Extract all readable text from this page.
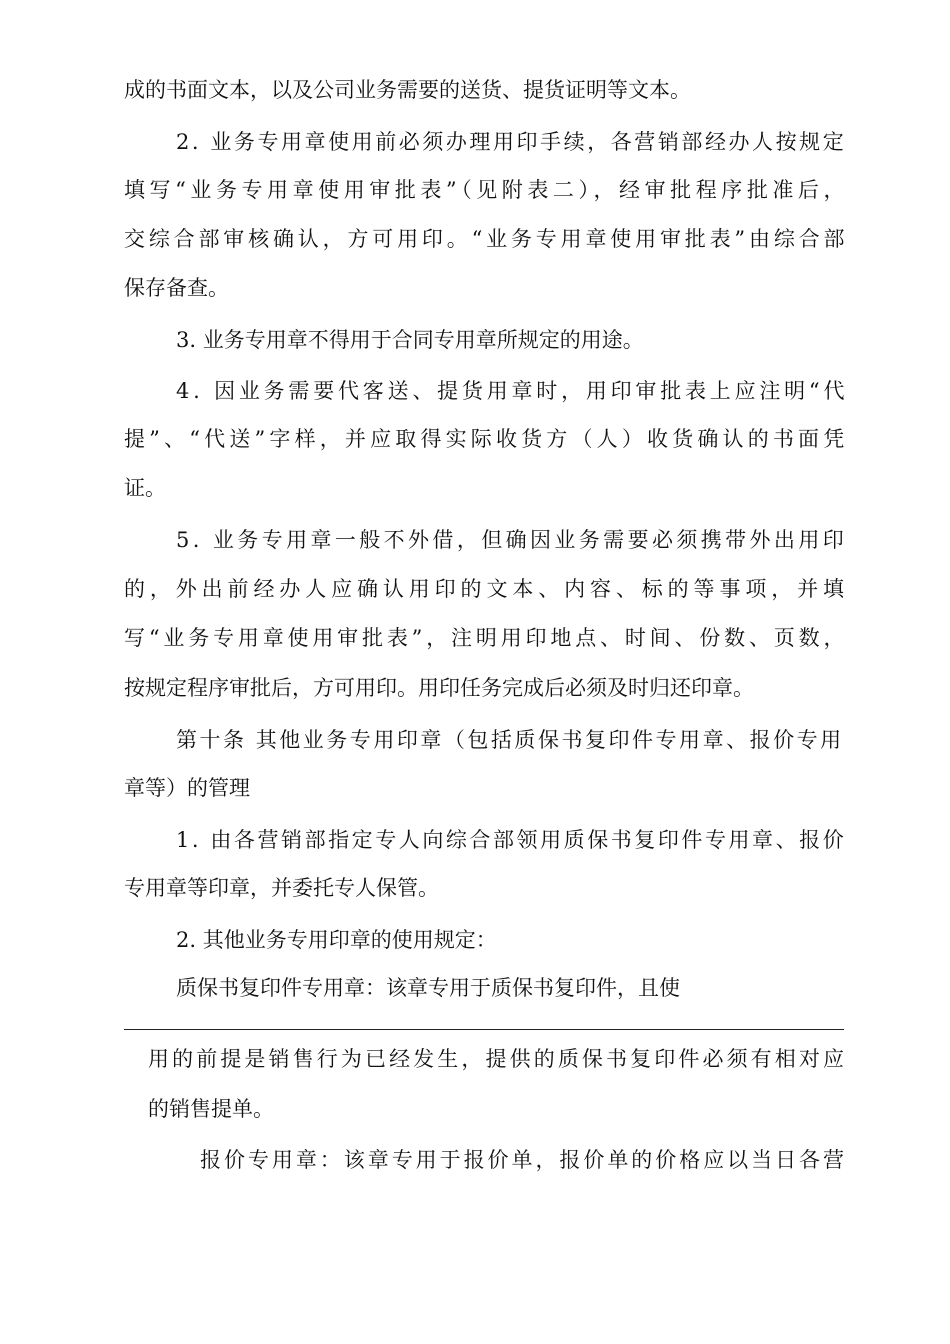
成的书面文本，以及公司业务需要的送货、提货证明等文本。

2. 业务专用章使用前必须办理用印手续，各营销部经办人按规定

填写“业务专用章使用审批表”（见附表二），经审批程序批准后，

交综合部审核确认，方可用印。“业务专用章使用审批表”由综合部

保存备查。

3. 业务专用章不得用于合同专用章所规定的用途。

4. 因业务需要代客送、提货用章时，用印审批表上应注明“代

提”、“代送”字样，并应取得实际收货方（人）收货确认的书面凭

证。

5. 业务专用章一般不外借，但确因业务需要必须携带外出用印

的，外出前经办人应确认用印的文本、内容、标的等事项，并填

写“业务专用章使用审批表”，注明用印地点、时间、份数、页数，

按规定程序审批后，方可用印。用印任务完成后必须及时归还印章。

第十条 其他业务专用印章（包括质保书复印件专用章、报价专用

章等）的管理

1. 由各营销部指定专人向综合部领用质保书复印件专用章、报价

专用章等印章，并委托专人保管。

2. 其他业务专用印章的使用规定：

质保书复印件专用章：该章专用于质保书复印件，且使

用的前提是销售行为已经发生，提供的质保书复印件必须有相对应

的销售提单。

报价专用章：该章专用于报价单，报价单的价格应以当日各营
